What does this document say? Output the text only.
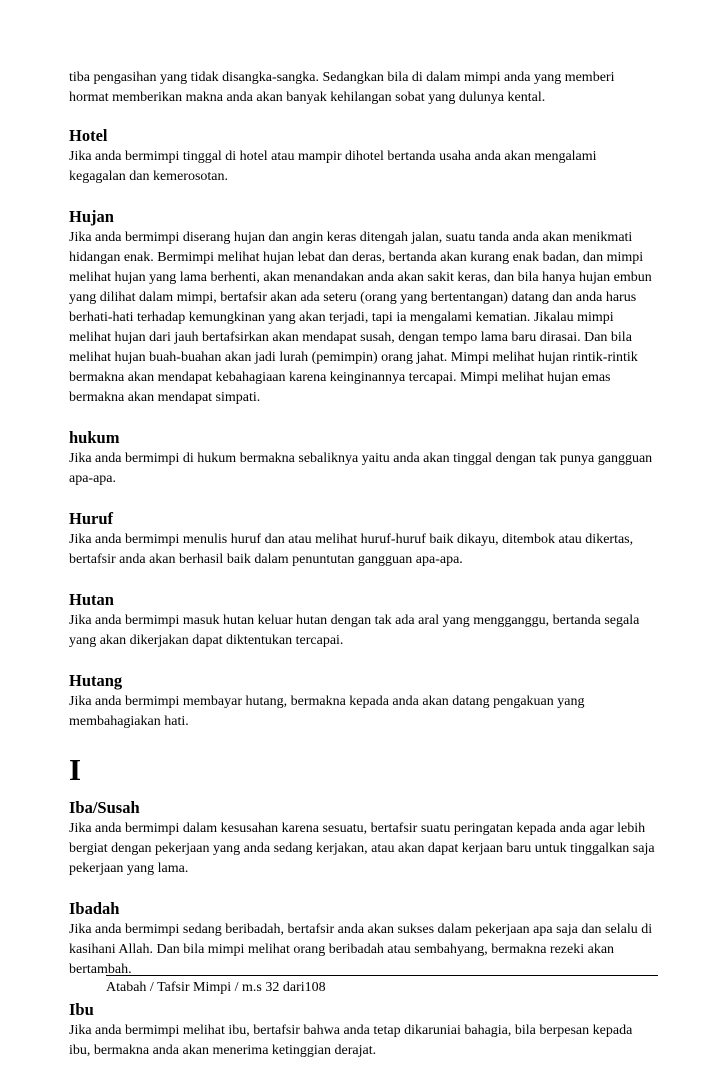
tiba pengasihan yang tidak disangka-sangka. Sedangkan bila di dalam mimpi anda yang memberi hormat memberikan makna anda akan banyak kehilangan sobat yang dulunya kental.

Hotel

Jika anda bermimpi tinggal di hotel atau mampir dihotel bertanda usaha anda akan mengalami kegagalan dan kemerosotan.

Hujan

Jika anda bermimpi diserang hujan dan angin keras ditengah jalan, suatu tanda anda akan menikmati hidangan enak. Bermimpi melihat hujan lebat dan deras, bertanda akan kurang enak badan, dan mimpi melihat hujan yang lama berhenti, akan menandakan anda akan sakit keras, dan bila hanya hujan embun yang dilihat dalam mimpi, bertafsir akan ada seteru (orang yang bertentangan) datang dan anda harus berhati-hati terhadap kemungkinan yang akan terjadi, tapi ia mengalami kematian. Jikalau mimpi melihat hujan dari jauh bertafsirkan akan mendapat susah, dengan tempo lama baru dirasai. Dan bila melihat hujan buah-buahan akan jadi lurah (pemimpin) orang jahat. Mimpi melihat hujan rintik-rintik bermakna akan mendapat kebahagiaan karena keinginannya tercapai. Mimpi melihat hujan emas bermakna akan mendapat simpati.

hukum

Jika anda bermimpi di hukum bermakna sebaliknya yaitu anda akan tinggal dengan tak punya gangguan apa-apa.

Huruf

Jika anda bermimpi menulis huruf dan atau melihat huruf-huruf baik dikayu, ditembok atau dikertas, bertafsir anda akan berhasil baik dalam penuntutan gangguan apa-apa.

Hutan

Jika anda bermimpi masuk hutan keluar hutan dengan tak ada aral yang mengganggu, bertanda segala yang akan dikerjakan dapat diktentukan tercapai.

Hutang

Jika anda bermimpi membayar hutang, bermakna kepada anda akan datang pengakuan yang membahagiakan hati.

I
Iba/Susah

Jika anda bermimpi dalam kesusahan karena sesuatu, bertafsir suatu peringatan kepada anda agar lebih bergiat dengan pekerjaan yang anda sedang kerjakan, atau akan dapat kerjaan baru untuk tinggalkan saja pekerjaan yang lama.

Ibadah

Jika anda bermimpi sedang beribadah, bertafsir anda akan sukses dalam pekerjaan apa saja dan selalu di kasihani Allah. Dan bila mimpi melihat orang beribadah atau sembahyang, bermakna rezeki akan bertambah.

Ibu

Jika anda bermimpi melihat ibu, bertafsir bahwa anda tetap dikaruniai bahagia, bila berpesan kepada ibu, bermakna anda akan menerima ketinggian derajat.

Atabah / Tafsir Mimpi / m.s 32 dari108
